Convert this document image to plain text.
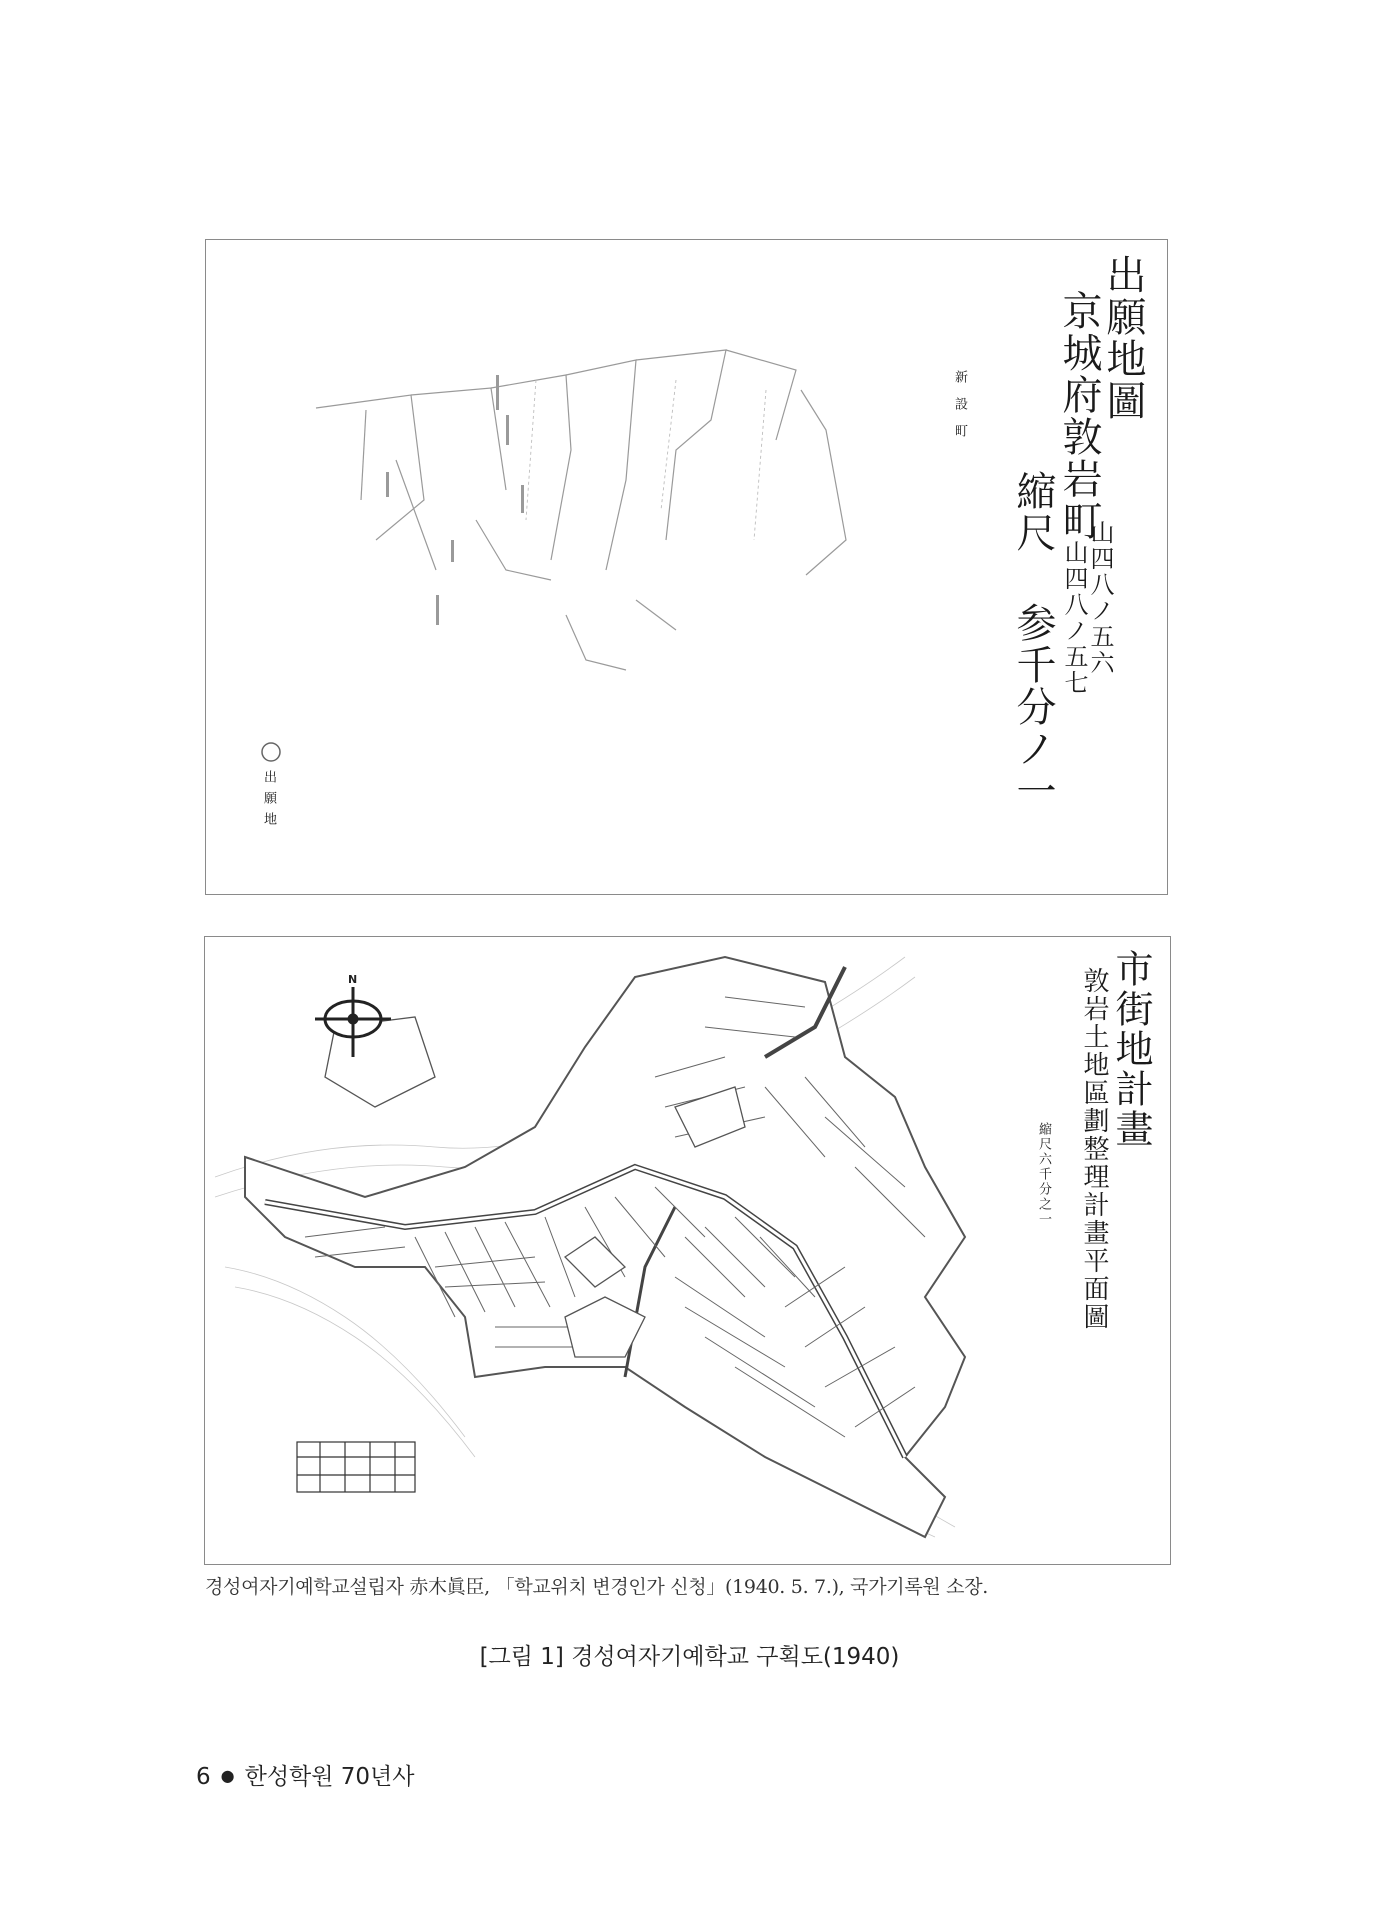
出願地圖
京城府敦岩町
山四八ノ五六
山四八ノ五七
縮尺 参千分ノ一
新設町
出願地
市街地計畫
敦岩土地區劃整理計畫平面圖
縮尺六千分之一
N
경성여자기예학교설립자 赤木眞臣, 「학교위치 변경인가 신청」(1940. 5. 7.), 국가기록원 소장.
[그림 1] 경성여자기예학교 구획도(1940)
6 ● 한성학원 70년사
